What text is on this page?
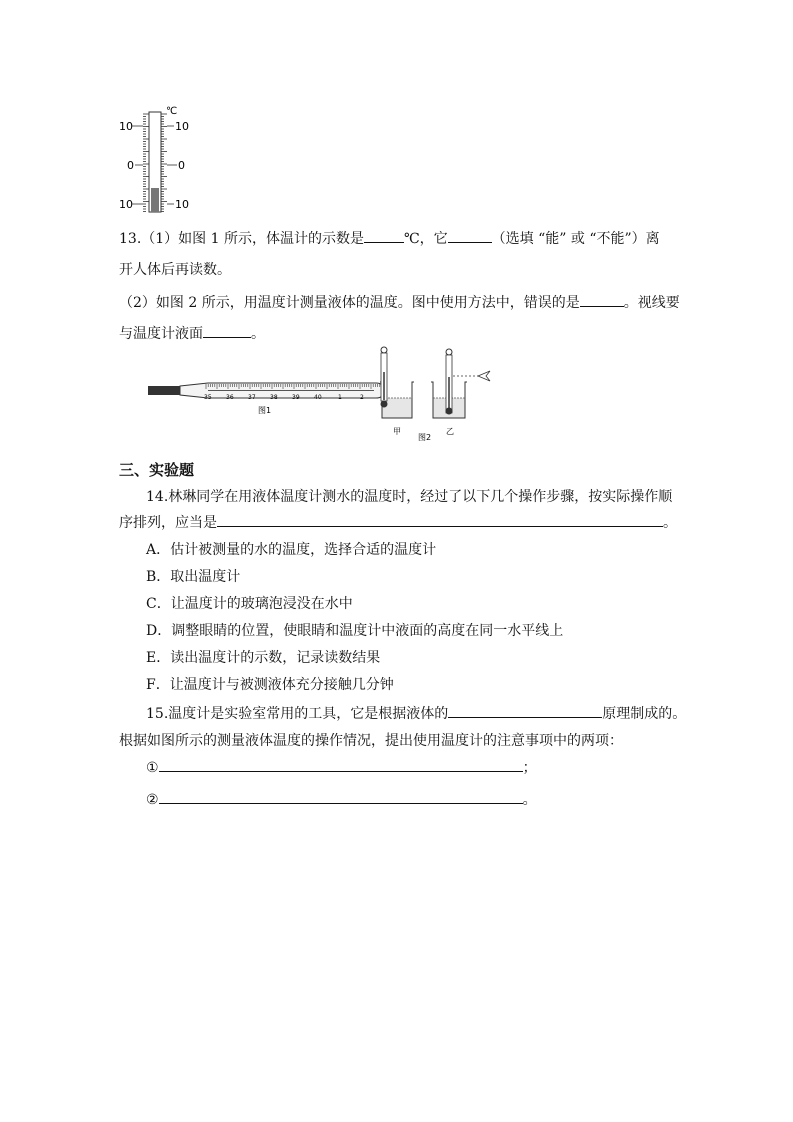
℃
10
0
10
10
0
10
13.（1）如图 1 所示，体温计的示数是	℃，它	（选填 “能” 或 “不能”）离
开人体后再读数。
（2）如图 2 所示，用温度计测量液体的温度。图中使用方法中，错误的是	。视线要
与温度计液面	。
35 36 37 38 39 40	1	2
图1
甲	乙
图2
三、实验题
14.林琳同学在用液体温度计测水的温度时，经过了以下几个操作步骤，按实际操作顺
序排列，应当是	。
A．估计被测量的水的温度，选择合适的温度计
B．取出温度计
C．让温度计的玻璃泡浸没在水中
D．调整眼睛的位置，使眼睛和温度计中液面的高度在同一水平线上
E．读出温度计的示数，记录读数结果
F．让温度计与被测液体充分接触几分钟
15.温度计是实验室常用的工具，它是根据液体的	原理制成的。
根据如图所示的测量液体温度的操作情况，提出使用温度计的注意事项中的两项：
①	；
②	。
